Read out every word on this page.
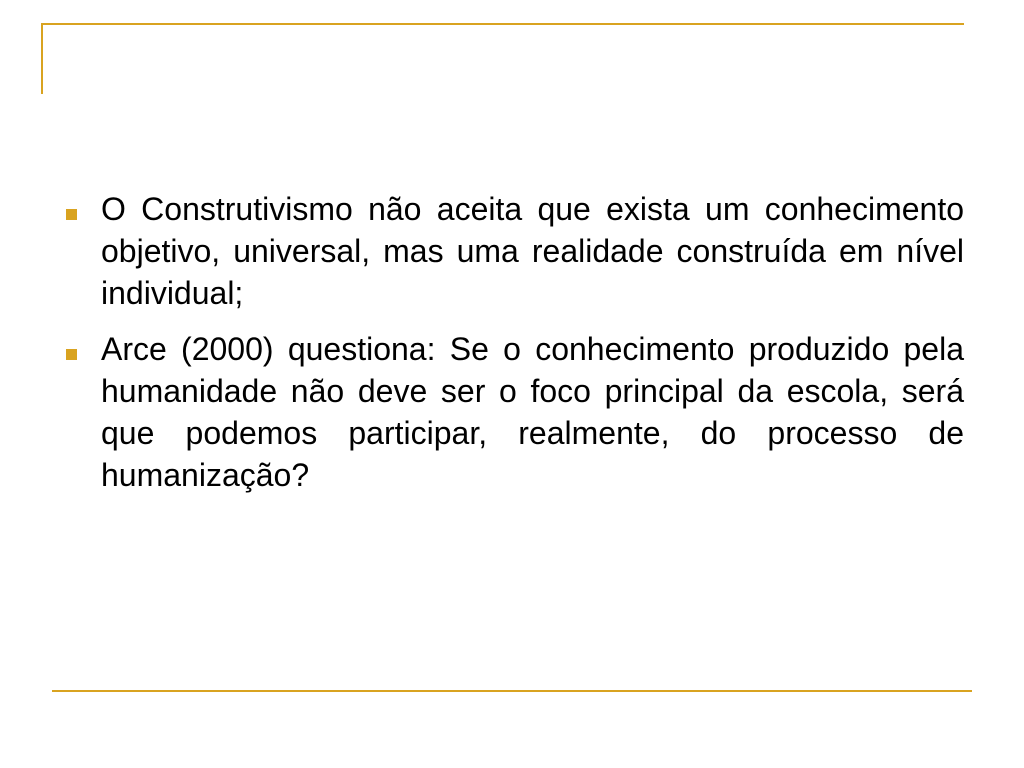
O Construtivismo não aceita que exista um conhecimento objetivo, universal, mas uma realidade construída em nível individual;
Arce (2000) questiona: Se o conhecimento produzido pela humanidade não deve ser o foco principal da escola, será que podemos participar, realmente, do processo de humanização?
